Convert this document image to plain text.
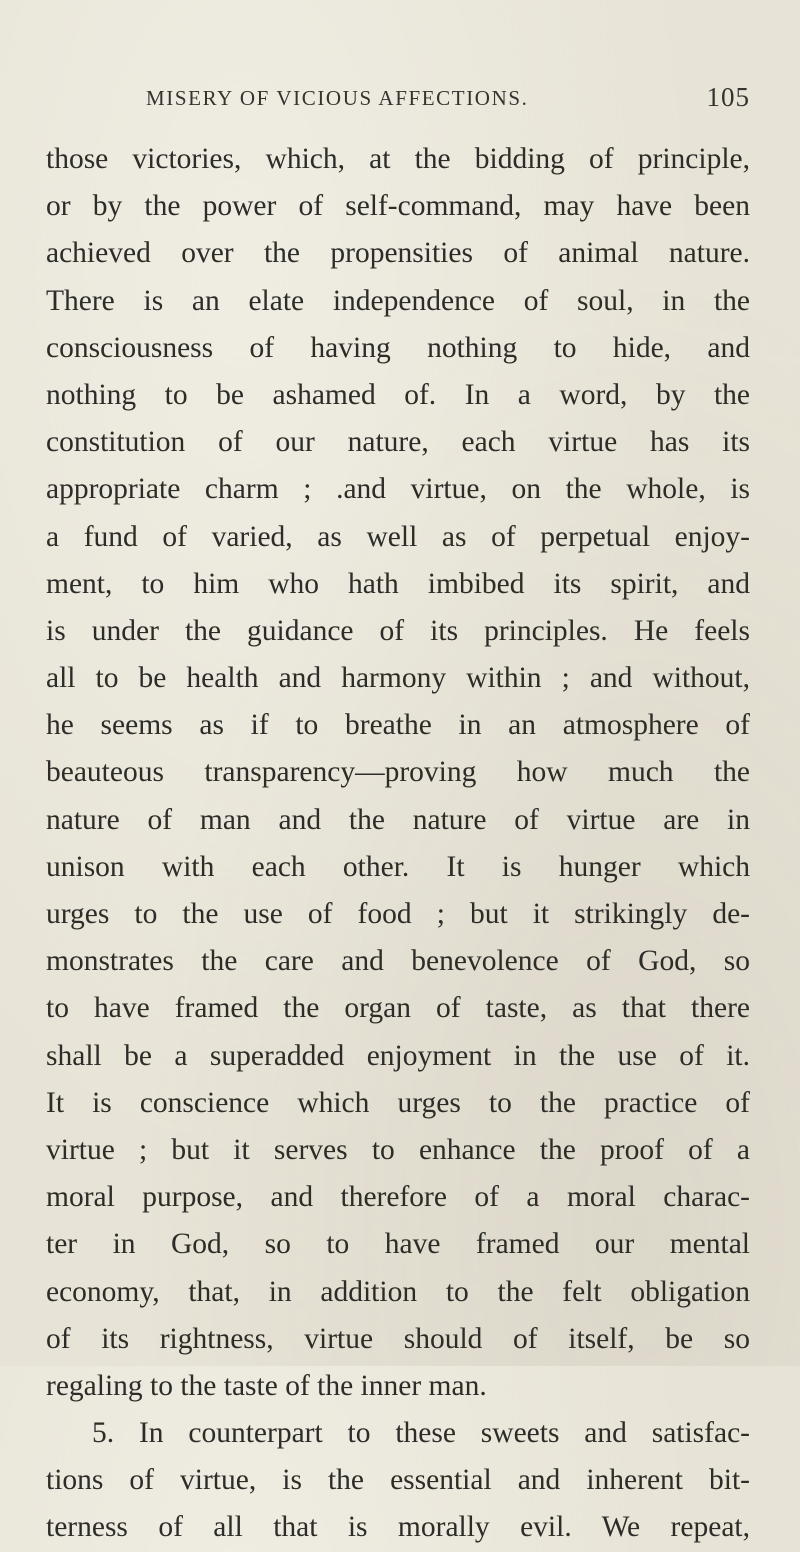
MISERY OF VICIOUS AFFECTIONS.	105
those victories, which, at the bidding of principle,
or by the power of self-command, may have been
achieved over the propensities of animal nature.
There is an elate independence of soul, in the
consciousness of having nothing to hide, and
nothing to be ashamed of. In a word, by the
constitution of our nature, each virtue has its
appropriate charm ; .and virtue, on the whole, is
a fund of varied, as well as of perpetual enjoy-
ment, to him who hath imbibed its spirit, and
is under the guidance of its principles. He feels
all to be health and harmony within ; and without,
he seems as if to breathe in an atmosphere of
beauteous transparency—proving how much the
nature of man and the nature of virtue are in
unison with each other. It is hunger which
urges to the use of food ; but it strikingly de-
monstrates the care and benevolence of God, so
to have framed the organ of taste, as that there
shall be a superadded enjoyment in the use of it.
It is conscience which urges to the practice of
virtue ; but it serves to enhance the proof of a
moral purpose, and therefore of a moral charac-
ter in God, so to have framed our mental
economy, that, in addition to the felt obligation
of its rightness, virtue should of itself, be so
regaling to the taste of the inner man.
5. In counterpart to these sweets and satisfac-
tions of virtue, is the essential and inherent bit-
terness of all that is morally evil. We repeat,
